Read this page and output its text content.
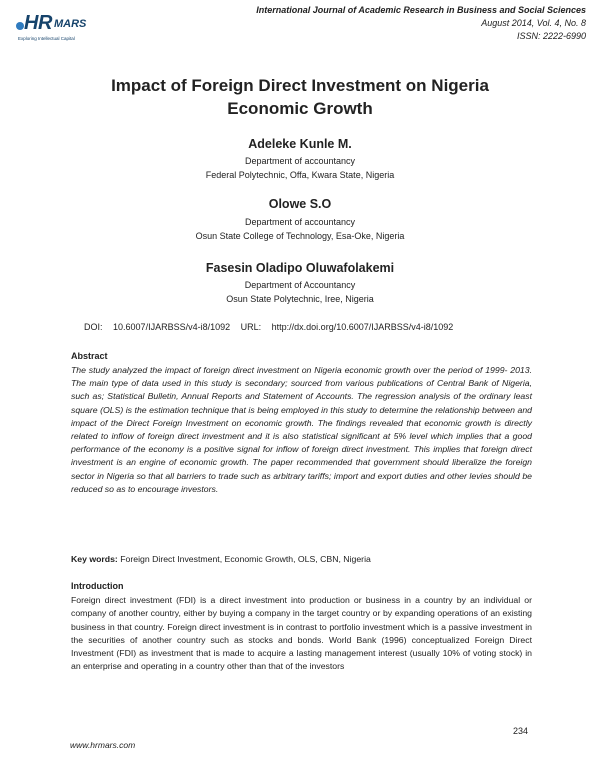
HR MARS
Exploring Intellectual Capital
International Journal of Academic Research in Business and Social Sciences
August 2014, Vol. 4, No. 8
ISSN: 2222-6990
Impact of Foreign Direct Investment on Nigeria
Economic Growth
Adeleke Kunle M.
Department of accountancy
Federal Polytechnic, Offa, Kwara State, Nigeria
Olowe S.O
Department of accountancy
Osun State College of Technology, Esa-Oke, Nigeria
Fasesin Oladipo Oluwafolakemi
Department of Accountancy
Osun State Polytechnic, Iree, Nigeria
DOI: 10.6007/IJARBSS/v4-i8/1092 URL: http://dx.doi.org/10.6007/IJARBSS/v4-i8/1092
Abstract
The study analyzed the impact of foreign direct investment on Nigeria economic growth over the period of 1999- 2013. The main type of data used in this study is secondary; sourced from various publications of Central Bank of Nigeria, such as; Statistical Bulletin, Annual Reports and Statement of Accounts. The regression analysis of the ordinary least square (OLS) is the estimation technique that is being employed in this study to determine the relationship between and impact of the Direct Foreign Investment on economic growth. The findings revealed that economic growth is directly related to inflow of foreign direct investment and it is also statistical significant at 5% level which implies that a good performance of the economy is a positive signal for inflow of foreign direct investment. This implies that foreign direct investment is an engine of economic growth. The paper recommended that government should liberalize the foreign sector in Nigeria so that all barriers to trade such as arbitrary tariffs; import and export duties and other levies should be reduced so as to encourage investors.
Key words: Foreign Direct Investment, Economic Growth, OLS, CBN, Nigeria
Introduction
Foreign direct investment (FDI) is a direct investment into production or business in a country by an individual or company of another country, either by buying a company in the target country or by expanding operations of an existing business in that country. Foreign direct investment is in contrast to portfolio investment which is a passive investment in the securities of another country such as stocks and bonds. World Bank (1996) conceptualized Foreign Direct Investment (FDI) as investment that is made to acquire a lasting management interest (usually 10% of voting stock) in an enterprise and operating in a country other than that of the investors
234
www.hrmars.com
